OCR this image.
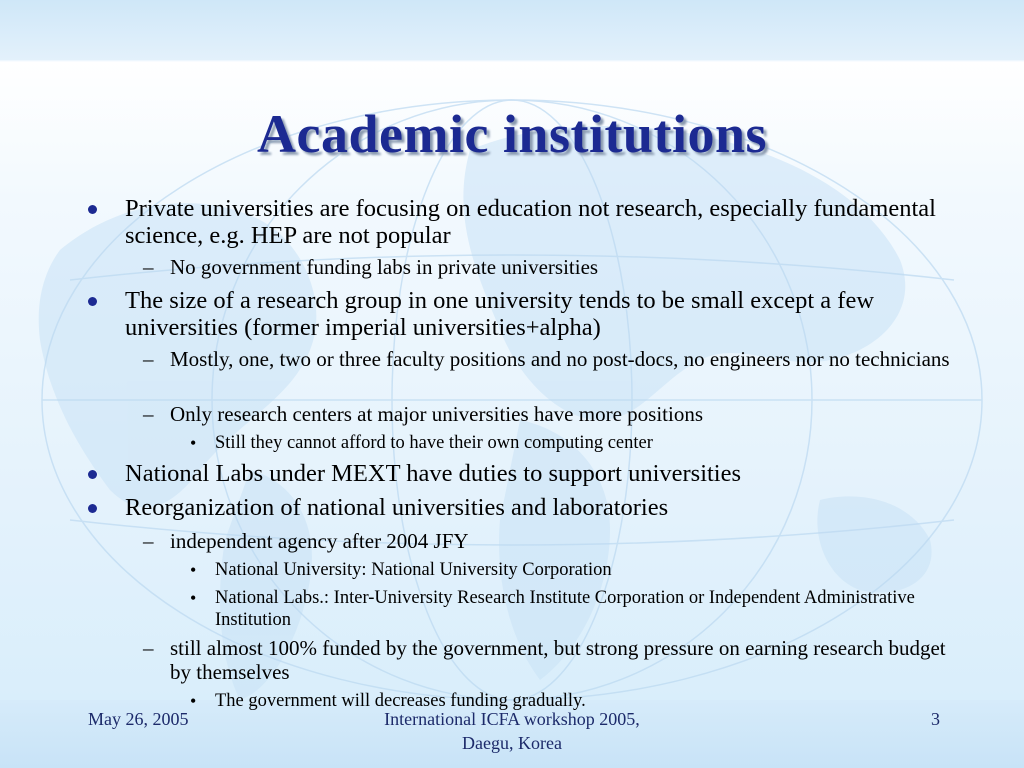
Academic institutions
Private universities are focusing on education not research, especially fundamental science, e.g. HEP are not popular
– No government funding labs in private universities
The size of a research group in one university tends to be small except a few universities (former imperial universities+alpha)
– Mostly, one, two or three faculty positions and no post-docs, no engineers nor no technicians
– Only research centers at major universities have more positions
• Still they cannot afford to have their own computing center
National Labs under MEXT have duties to support universities
Reorganization of national universities and laboratories
– independent agency after 2004 JFY
• National University: National University Corporation
• National Labs.: Inter-University Research Institute Corporation or Independent Administrative Institution
– still almost 100% funded by the government, but strong pressure on earning research budget by themselves
• The government will decreases funding gradually.
May 26, 2005	International ICFA workshop 2005,
Daegu, Korea
3
